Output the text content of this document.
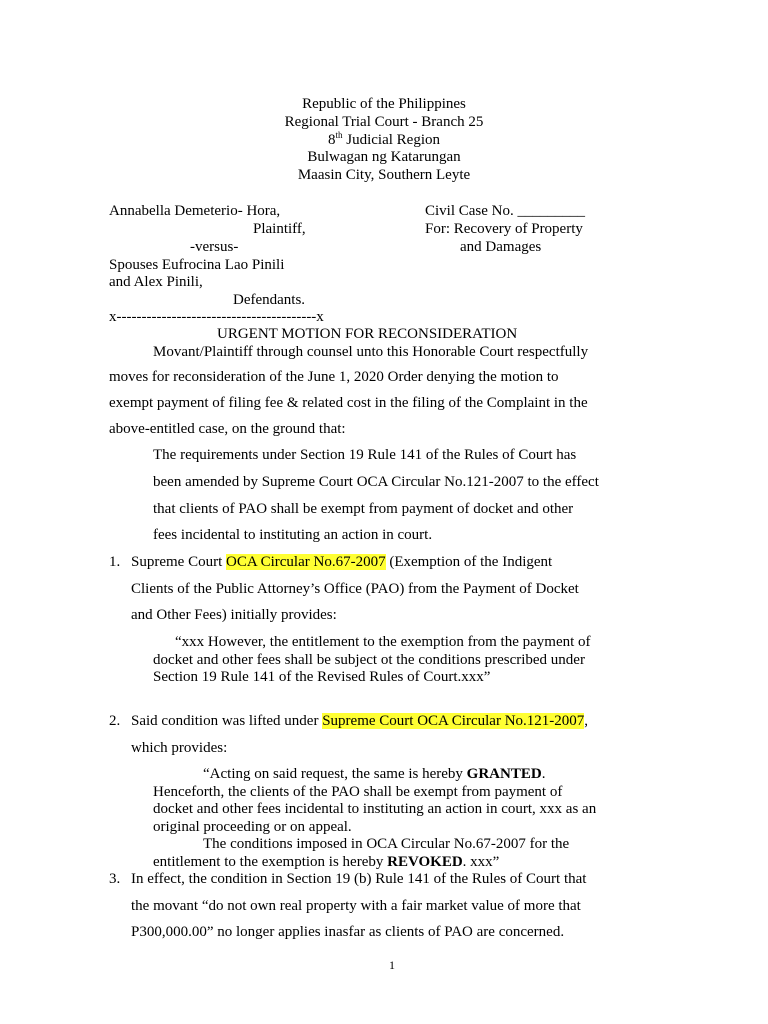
Republic of the Philippines
Regional Trial Court - Branch 25
8th Judicial Region
Bulwagan ng Katarungan
Maasin City, Southern Leyte
Annabella Demeterio- Hora,
Plaintiff,
-versus-
Spouses Eufrocina Lao Pinili
and Alex Pinili,
Defendants.
x----------------------------------------x
Civil Case No. _________
For: Recovery of Property
and Damages
URGENT MOTION FOR RECONSIDERATION
Movant/Plaintiff through counsel unto this Honorable Court respectfully
moves for reconsideration of the June 1, 2020 Order denying the motion to
exempt payment of filing fee & related cost in the filing of the Complaint in the
above-entitled case, on the ground that:
The requirements under Section 19 Rule 141 of the Rules of Court has
been amended by Supreme Court OCA Circular No.121-2007 to the effect
that clients of PAO shall be exempt from payment of docket and other
fees incidental to instituting an action in court.
1. Supreme Court OCA Circular No.67-2007 (Exemption of the Indigent
Clients of the Public Attorney’s Office (PAO) from the Payment of Docket
and Other Fees) initially provides:
“xxx However, the entitlement to the exemption from the payment of
docket and other fees shall be subject ot the conditions prescribed under
Section 19 Rule 141 of the Revised Rules of Court.xxx”
2. Said condition was lifted under Supreme Court OCA Circular No.121-2007,
which provides:
“Acting on said request, the same is hereby GRANTED.
Henceforth, the clients of the PAO shall be exempt from payment of
docket and other fees incidental to instituting an action in court, xxx as an
original proceeding or on appeal.
The conditions imposed in OCA Circular No.67-2007 for the
entitlement to the exemption is hereby REVOKED. xxx”
3. In effect, the condition in Section 19 (b) Rule 141 of the Rules of Court that
the movant “do not own real property with a fair market value of more that
P300,000.00” no longer applies inasfar as clients of PAO are concerned.
1
